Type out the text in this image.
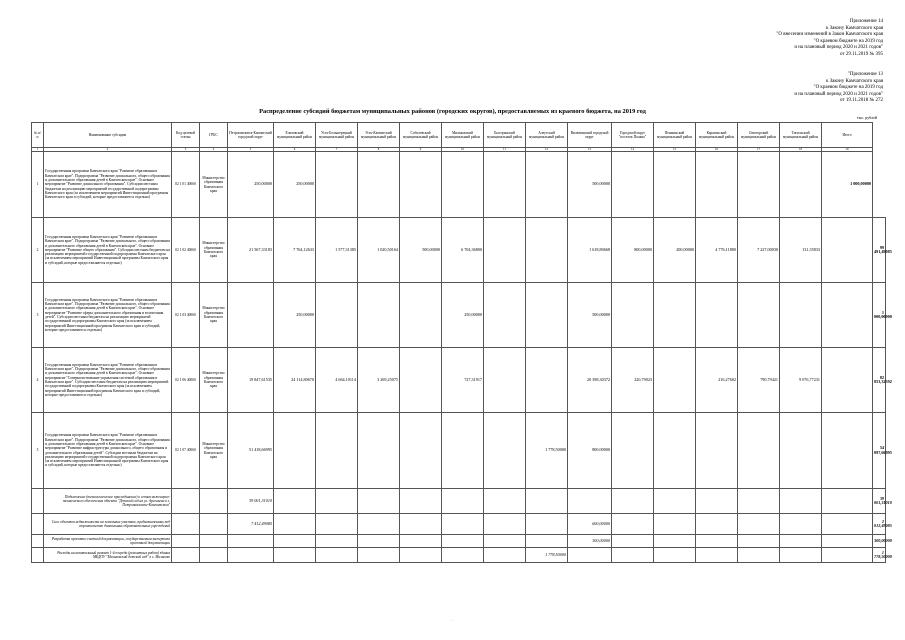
Приложение 14
к Закону Камчатского края
"О внесении изменений в Закон Камчатского края
"О краевом бюджете на 2019 год
и на плановый период 2020 и 2021 годов"
от 29.11.2019 № 395
"Приложение 13
к Закону Камчатского края
"О краевом бюджете на 2019 год
и на плановый период 2020 и 2021 годов"
от 19.11.2018 № 272
Распределение субсидий бюджетам муниципальных районов (городских округов), предоставляемых из краевого бюджета, на 2019 год
тыс. рублей
№ п/п	Наименование субсидии	Код целевой статьи	ГРБС	Петропавловск-Камчатский городской округ	Елизовский муниципальный район	Усть-Большерецкий муниципальный район	Усть-Камчатский муниципальный район	Соболевский муниципальный район	Мильковский муниципальный район	Быстринский муниципальный район	Алеутский муниципальный район	Вилючинский городской округ	Городской округ "поселок Палана"	Пенжинский муниципальный район	Карагинский муниципальный район	Олюторский муниципальный район	Тигильский муниципальный район	Итого	
1	2	3	4	5	6	7	8	9	10	11	12	13	14	15	16	17	18	19	
1	Государственная программа Камчатского края "Развитие образования в Камчатском крае". Подпрограмма "Развитие дошкольного, общего образования и дополнительного образования детей в Камчатском крае". Основное мероприятие "Развитие дошкольного образования". Субсидии местным бюджетам на реализацию мероприятий государственной подпрограммы Камчатского края (за исключением мероприятий Инвестиционной программы Камчатского края и субсидий, которые предоставляются отдельно)	02 1 01 40060	Министерство образования Камчатского края	250,00000	250,00000							500,00000						1 000,00000	
2	Государственная программа Камчатского края "Развитие образования в Камчатском крае". Подпрограмма "Развитие дошкольного, общего образования и дополнительного образования детей в Камчатском крае". Основное мероприятие "Развитие общего образования". Субсидии местным бюджетам на реализацию мероприятий государственной подпрограммы Камчатского края (за исключением мероприятий Инвестиционной программы Камчатского края и субсидий, которые предоставляются отдельно)	02 1 02 40060	Министерство образования Камчатского края	21 567,33183	7 764,12633	1 577,31385	1 020,50164	500,00000	6 704,36800			1 618,80668	800,00000	200,00000	4 776,11880	7 227,00030	131,35833		99 491,49085
3	Государственная программа Камчатского края "Развитие образования в Камчатском крае". Подпрограмма "Развитие дошкольного, общего образования и дополнительного образования детей в Камчатском крае". Основное мероприятие "Развитие сферы дополнительного образования и воспитания детей". Субсидии местным бюджетам на реализацию мероприятий государственной подпрограммы Камчатского края (за исключением мероприятий Инвестиционной программы Камчатского края и субсидий, которые предоставляются отдельно)	02 1 03 40060	Министерство образования Камчатского края		250,00000				250,00000			500,00000							1 000,00000
4	Государственная программа Камчатского края "Развитие образования в Камчатском крае". Подпрограмма "Развитие дошкольного, общего образования и дополнительного образования детей в Камчатском крае". Основное мероприятие "Совершенствование управления системой образования в Камчатском крае". Субсидии местным бюджетам на реализацию мероприятий государственной подпрограммы Камчатского края (за исключением мероприятий Инвестиционной программы Камчатского края и субсидий, которые предоставляются отдельно)	02 1 06 40060	Министерство образования Камчатского края	19 847,61535	24 114,80670	4 664,10114	3 269,25075		727,31917			20 398,30372	220,79023		216,27602	790,79421	9 076,77231		82 853,32592
5	Государственная программа Камчатского края "Развитие образования в Камчатском крае". Подпрограмма "Развитие дошкольного, общего образования и дополнительного образования детей в Камчатском крае". Основное мероприятие "Развитие инфраструктуры дошкольного, общего образования и дополнительного образования детей". Субсидии местным бюджетам на реализацию мероприятий государственной подпрограммы Камчатского края (за исключением мероприятий Инвестиционной программы Камчатского края и субсидий, которые предоставляются отдельно)	02 1 07 40060	Министерство образования Камчатского края	51 418,66995							1 778,50000	800,00000							54 097,66995
	Подключение (технологическое присоединение) к сетям инженерно-технического обеспечения объекта "Детский сад на ул. Арсеньева в г. Петропавловске-Камчатском"			39 001,31010															39 001,31010
	Снос объектов недвижимости на земельных участках, предназначенных под строительство дошкольных образовательных учреждений			7 412,49085								600,00000							2 012,49085
	Разработка проектно-сметной документации, государственная экспертиза проектной документации											300,00000							300,00000
	Расходы на капитальный ремонт 1-й очереди (ремонтных работ) здания МБДОУ "Мильковский детский сад" в с. Мильково										1 778,50000								1 778,50000
.
